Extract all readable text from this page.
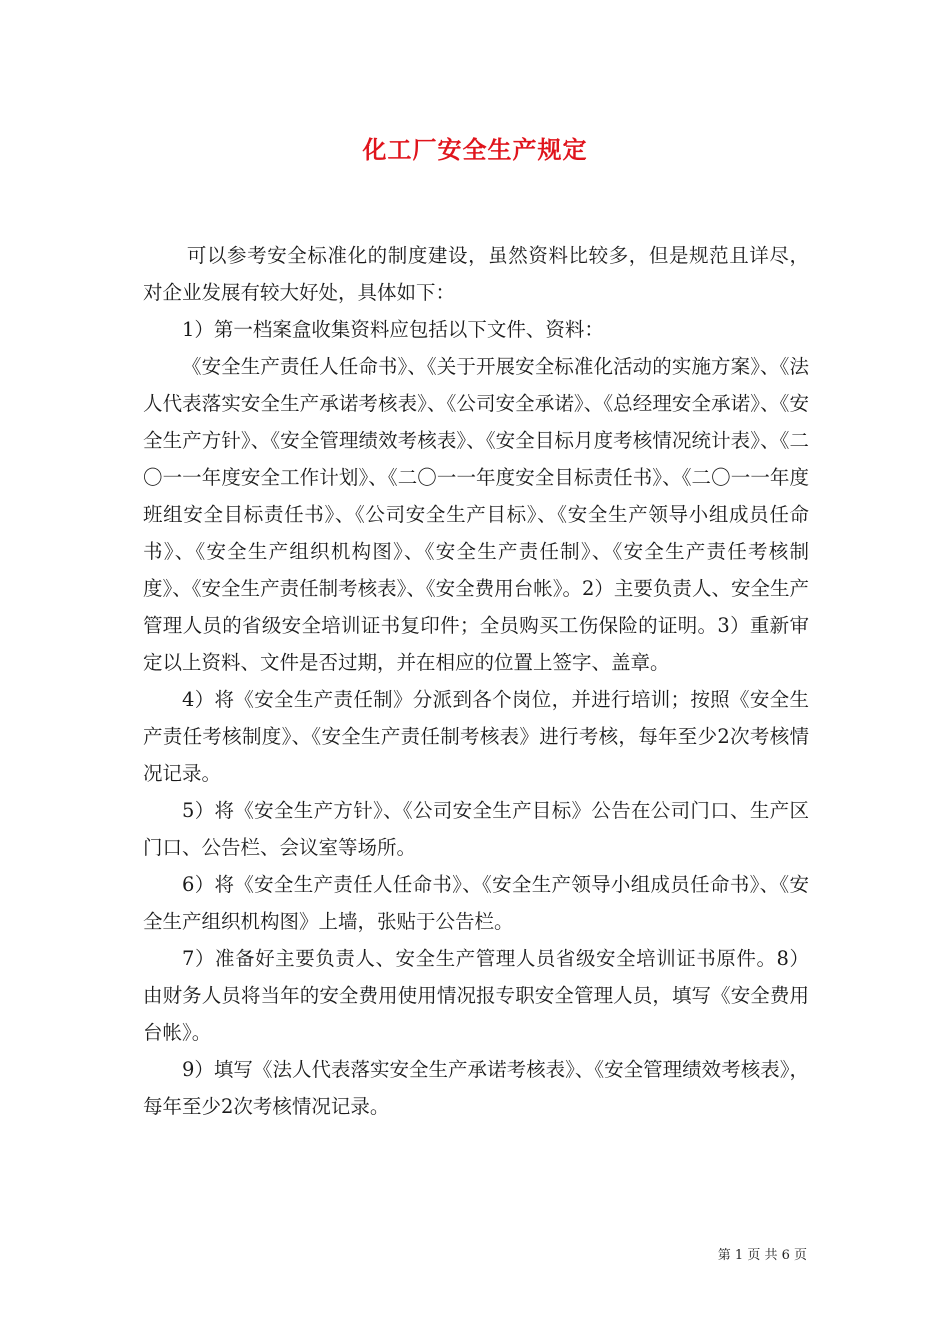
化工厂安全生产规定

可以参考安全标准化的制度建设，虽然资料比较多，但是规范且详尽，对企业发展有较大好处，具体如下：

1）第一档案盒收集资料应包括以下文件、资料：

《安全生产责任人任命书》、《关于开展安全标准化活动的实施方案》、《法人代表落实安全生产承诺考核表》、《公司安全承诺》、《总经理安全承诺》、《安全生产方针》、《安全管理绩效考核表》、《安全目标月度考核情况统计表》、《二〇一一年度安全工作计划》、《二〇一一年度安全目标责任书》、《二〇一一年度班组安全目标责任书》、《公司安全生产目标》、《安全生产领导小组成员任命书》、《安全生产组织机构图》、《安全生产责任制》、《安全生产责任考核制度》、《安全生产责任制考核表》、《安全费用台帐》。2）主要负责人、安全生产管理人员的省级安全培训证书复印件；全员购买工伤保险的证明。3）重新审定以上资料、文件是否过期，并在相应的位置上签字、盖章。

4）将《安全生产责任制》分派到各个岗位，并进行培训；按照《安全生产责任考核制度》、《安全生产责任制考核表》进行考核，每年至少2次考核情况记录。

5）将《安全生产方针》、《公司安全生产目标》公告在公司门口、生产区门口、公告栏、会议室等场所。

6）将《安全生产责任人任命书》、《安全生产领导小组成员任命书》、《安全生产组织机构图》上墙，张贴于公告栏。

7）准备好主要负责人、安全生产管理人员省级安全培训证书原件。8）由财务人员将当年的安全费用使用情况报专职安全管理人员，填写《安全费用台帐》。

9）填写《法人代表落实安全生产承诺考核表》、《安全管理绩效考核表》，每年至少2次考核情况记录。

第 1 页 共 6 页
